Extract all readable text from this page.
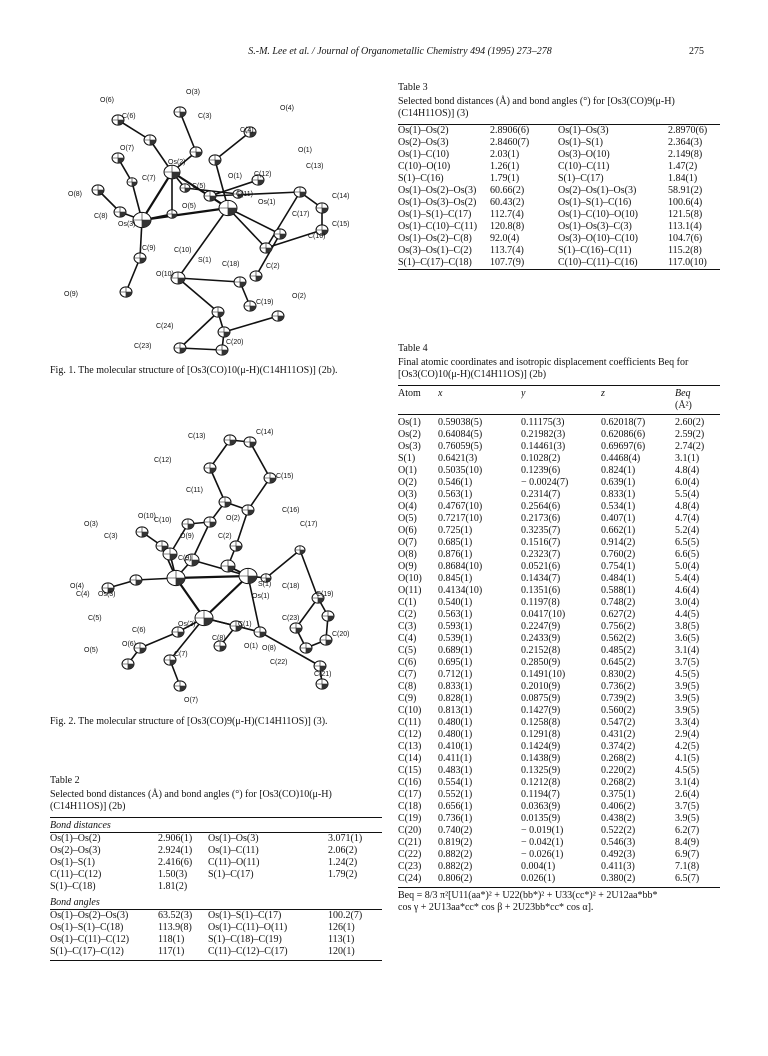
S.-M. Lee et al. / Journal of Organometallic Chemistry 494 (1995) 273–278	275
O(6)
O(3)
O(4)
C(6)	C(3)
C(4)
O(7)
Os(2)
O(1)
C(5)
O(1)
C(13)
O(8)
C(7)
C(11)
C(12)
C(8)
O(5)
Os(1)
C(14)
Os(3)	C(15)
C(17)
C(16)
C(10)
C(9)
S(1)
C(2)
O(10)
O(9)
C(18)
O(2)
C(19)
C(24)
C(23)
C(20)
Fig. 1. The molecular structure of [Os3(CO)10(μ-H)(C14H11OS)] (2b).
C(13)
C(14)
C(12)
C(15)
C(11)
O(10)
C(16)
O(3)
C(10)	O(2)
C(3)	O(9)	C(2)
C(17)
C(9)
O(4)
C(4) Os(3)
S(1)
Os(1)
C(18)
C(19)
C(5)
Os(2)	C(1)
C(23)
C(8)
O(1)
C(6)
O(8)
C(20)
O(5)
O(6)
C(7)
C(22)
O(7)
C(21)
Fig. 2. The molecular structure of [Os3(CO)9(μ-H)(C14H11OS)] (3).
Table 2
Selected bond distances (Å) and bond angles (°) for [Os3(CO)10(μ-H)(C14H11OS)] (2b)
Bond distances
Os(1)–Os(2)	2.906(1)	Os(1)–Os(3)	3.071(1)
Os(2)–Os(3)	2.924(1)	Os(1)–C(11)	2.06(2)
Os(1)–S(1)	2.416(6)	C(11)–O(11)	1.24(2)
C(11)–C(12)	1.50(3)	S(1)–C(17)	1.79(2)
S(1)–C(18)	1.81(2)
Bond angles
Os(1)–Os(2)–Os(3)	63.52(3)	Os(1)–S(1)–C(17)	100.2(7)
Os(1)–S(1)–C(18)	113.9(8)	Os(1)–C(11)–O(11)	126(1)
Os(1)–C(11)–C(12)	118(1)	S(1)–C(18)–C(19)	113(1)
S(1)–C(17)–C(12)	117(1)	C(11)–C(12)–C(17)	120(1)
Table 3
Selected bond distances (Å) and bond angles (°) for [Os3(CO)9(μ-H)(C14H11OS)] (3)
Os(1)–Os(2)	2.8906(6)	Os(1)–Os(3)	2.8970(6)
Os(2)–Os(3)	2.8460(7)	Os(1)–S(1)	2.364(3)
Os(1)–C(10)	2.03(1)	Os(3)–O(10)	2.149(8)
C(10)–O(10)	1.26(1)	C(10)–C(11)	1.47(2)
S(1)–C(16)	1.79(1)	S(1)–C(17)	1.84(1)
Os(1)–Os(2)–Os(3)	60.66(2)	Os(2)–Os(1)–Os(3)	58.91(2)
Os(1)–Os(3)–Os(2)	60.43(2)	Os(1)–S(1)–C(16)	100.6(4)
Os(1)–S(1)–C(17)	112.7(4)	Os(1)–C(10)–O(10)	121.5(8)
Os(1)–C(10)–C(11)	120.8(8)	Os(1)–Os(3)–C(3)	113.1(4)
Os(1)–Os(2)–C(8)	92.0(4)	Os(3)–O(10)–C(10)	104.7(6)
Os(3)–Os(1)–C(2)	113.7(4)	S(1)–C(16)–C(11)	115.2(8)
S(1)–C(17)–C(18)	107.7(9)	C(10)–C(11)–C(16)	117.0(10)
Table 4
Final atomic coordinates and isotropic displacement coefficients Beq for [Os3(CO)10(μ-H)(C14H11OS)] (2b)
Atom	x	y	z	Beq
(Å²)
Os(1)	0.59038(5)	0.11175(3)	0.62018(7)	2.60(2)
Os(2)	0.64084(5)	0.21982(3)	0.62086(6)	2.59(2)
Os(3)	0.76059(5)	0.14461(3)	0.69697(6)	2.74(2)
S(1)	0.6421(3)	0.1028(2)	0.4468(4)	3.1(1)
O(1)	0.5035(10)	0.1239(6)	0.824(1)	4.8(4)
O(2)	0.546(1)	− 0.0024(7)	0.639(1)	6.0(4)
O(3)	0.563(1)	0.2314(7)	0.833(1)	5.5(4)
O(4)	0.4767(10)	0.2564(6)	0.534(1)	4.8(4)
O(5)	0.7217(10)	0.2173(6)	0.407(1)	4.7(4)
O(6)	0.725(1)	0.3235(7)	0.662(1)	5.2(4)
O(7)	0.685(1)	0.1516(7)	0.914(2)	6.5(5)
O(8)	0.876(1)	0.2323(7)	0.760(2)	6.6(5)
O(9)	0.8684(10)	0.0521(6)	0.754(1)	5.0(4)
O(10)	0.845(1)	0.1434(7)	0.484(1)	5.4(4)
O(11)	0.4134(10)	0.1351(6)	0.588(1)	4.6(4)
C(1)	0.540(1)	0.1197(8)	0.748(2)	3.0(4)
C(2)	0.563(1)	0.0417(10)	0.627(2)	4.4(5)
C(3)	0.593(1)	0.2247(9)	0.756(2)	3.8(5)
C(4)	0.539(1)	0.2433(9)	0.562(2)	3.6(5)
C(5)	0.689(1)	0.2152(8)	0.485(2)	3.1(4)
C(6)	0.695(1)	0.2850(9)	0.645(2)	3.7(5)
C(7)	0.712(1)	0.1491(10)	0.830(2)	4.5(5)
C(8)	0.833(1)	0.2010(9)	0.736(2)	3.9(5)
C(9)	0.828(1)	0.0875(9)	0.739(2)	3.9(5)
C(10)	0.813(1)	0.1427(9)	0.560(2)	3.9(5)
C(11)	0.480(1)	0.1258(8)	0.547(2)	3.3(4)
C(12)	0.480(1)	0.1291(8)	0.431(2)	2.9(4)
C(13)	0.410(1)	0.1424(9)	0.374(2)	4.2(5)
C(14)	0.411(1)	0.1438(9)	0.268(2)	4.1(5)
C(15)	0.483(1)	0.1325(9)	0.220(2)	4.5(5)
C(16)	0.554(1)	0.1212(8)	0.268(2)	3.1(4)
C(17)	0.552(1)	0.1194(7)	0.375(1)	2.6(4)
C(18)	0.656(1)	0.0363(9)	0.406(2)	3.7(5)
C(19)	0.736(1)	0.0135(9)	0.438(2)	3.9(5)
C(20)	0.740(2)	− 0.019(1)	0.522(2)	6.2(7)
C(21)	0.819(2)	− 0.042(1)	0.546(3)	8.4(9)
C(22)	0.882(2)	− 0.026(1)	0.492(3)	6.9(7)
C(23)	0.882(2)	0.004(1)	0.411(3)	7.1(8)
C(24)	0.806(2)	0.026(1)	0.380(2)	6.5(7)
Beq = 8/3 π²[U11(aa*)² + U22(bb*)² + U33(cc*)² + 2U12aa*bb*
cos γ + 2U13aa*cc* cos β + 2U23bb*cc* cos α].
